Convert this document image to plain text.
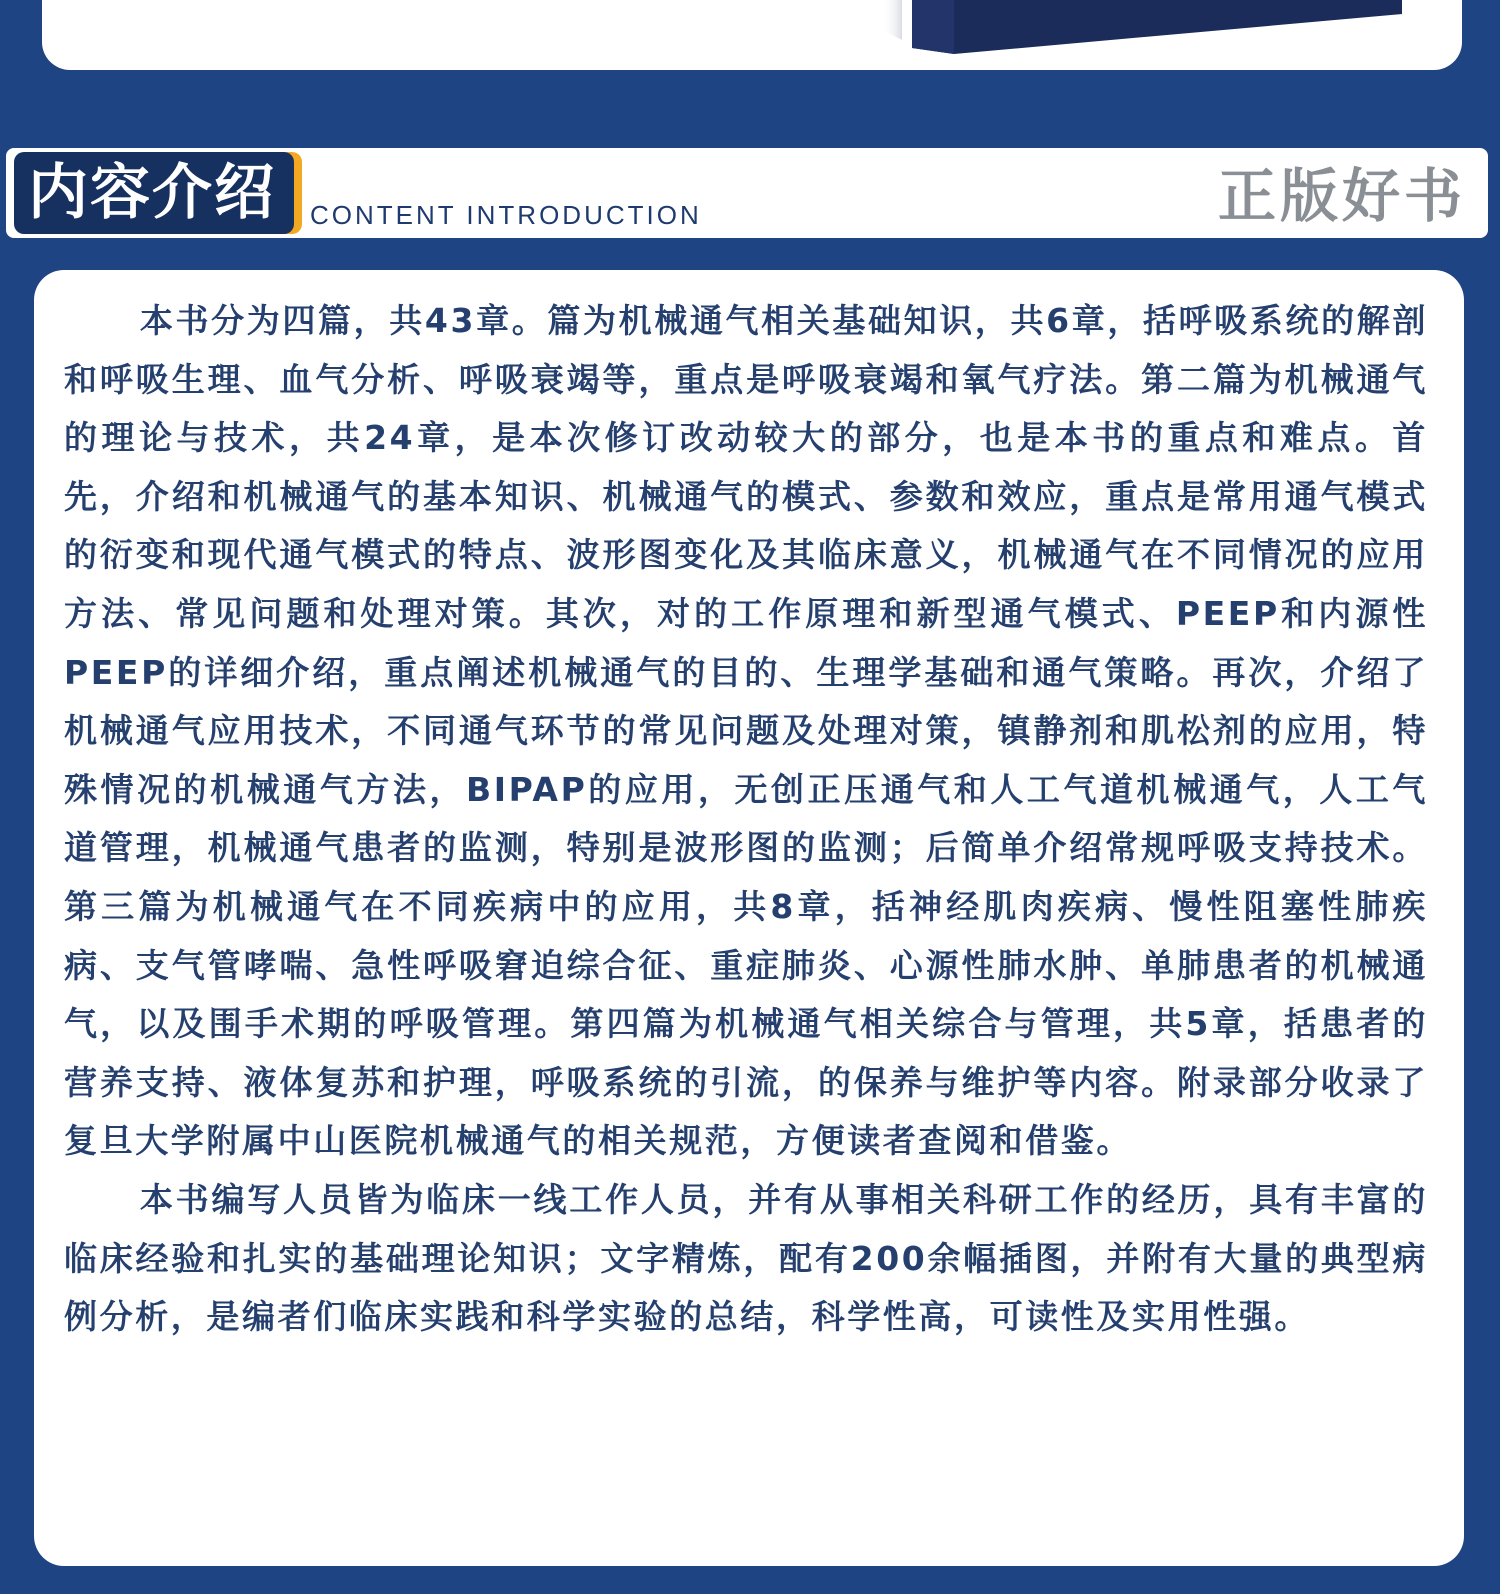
内容介绍 CONTENT INTRODUCTION	正版好书

本书分为四篇，共43章。篇为机械通气相关基础知识，共6章，括呼吸系统的解剖和呼吸生理、血气分析、呼吸衰竭等，重点是呼吸衰竭和氧气疗法。第二篇为机械通气的理论与技术，共24章，是本次修订改动较大的部分，也是本书的重点和难点。首先，介绍和机械通气的基本知识、机械通气的模式、参数和效应，重点是常用通气模式的衍变和现代通气模式的特点、波形图变化及其临床意义，机械通气在不同情况的应用方法、常见问题和处理对策。其次，对的工作原理和新型通气模式、PEEP和内源性PEEP的详细介绍，重点阐述机械通气的目的、生理学基础和通气策略。再次，介绍了机械通气应用技术，不同通气环节的常见问题及处理对策，镇静剂和肌松剂的应用，特殊情况的机械通气方法，BIPAP的应用，无创正压通气和人工气道机械通气，人工气道管理，机械通气患者的监测，特别是波形图的监测；后简单介绍常规呼吸支持技术。第三篇为机械通气在不同疾病中的应用，共8章，括神经肌肉疾病、慢性阻塞性肺疾病、支气管哮喘、急性呼吸窘迫综合征、重症肺炎、心源性肺水肿、单肺患者的机械通气，以及围手术期的呼吸管理。第四篇为机械通气相关综合与管理，共5章，括患者的营养支持、液体复苏和护理，呼吸系统的引流，的保养与维护等内容。附录部分收录了复旦大学附属中山医院机械通气的相关规范，方便读者查阅和借鉴。

本书编写人员皆为临床一线工作人员，并有从事相关科研工作的经历，具有丰富的临床经验和扎实的基础理论知识；文字精炼，配有200余幅插图，并附有大量的典型病例分析，是编者们临床实践和科学实验的总结，科学性高，可读性及实用性强。
